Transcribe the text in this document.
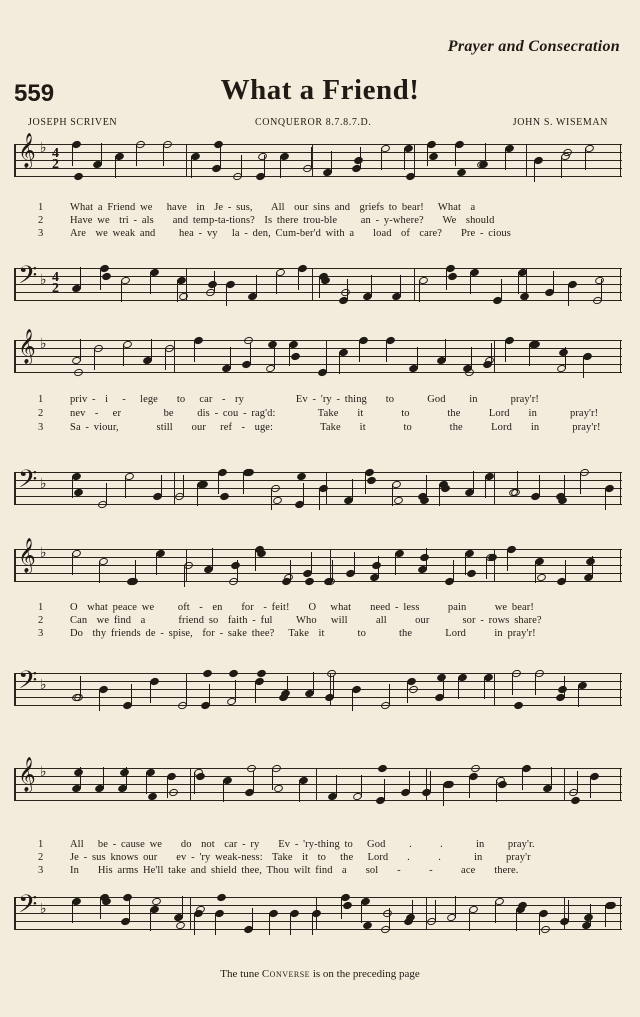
Prayer and Consecration
559	What a Friend!
JOSEPH SCRIVEN	CONQUEROR 8.7.8.7.D.	JOHN S. WISEMAN
𝄞 ♭ 4
2
1	What a Friend we   have  in  Je - sus,    All  our sins and  griefs to bear!   What  a
2	Have we  tri - als    and temp-ta-tions?  Is there trou-ble     an - y-where?    We  should
3	Are  we weak and     hea - vy   la - den, Cum-ber'd with a    load  of  care?    Pre - cious
𝄢 ♭ 4
2
𝄞 ♭
1	priv -  i   -   lege    to   car  -  ry           Ev - 'ry - thing    to       God     in       pray'r!
2	nev  -   er         be     dis - cou - rag'd:         Take    it        to        the      Lord    in       pray'r!
3	Sa - viour,        still    our   ref  -  uge:          Take    it        to        the      Lord    in       pray'r!
𝄢 ♭
𝄞 ♭
1	O  what peace we     oft  -  en    for  - feit!    O   what    need - less      pain      we bear!
2	Can  we find  a       friend so  faith - ful     Who   will      all      our       sor - rows share?
3	Do  thy friends de - spise,  for - sake thee?   Take  it       to       the       Lord      in pray'r!
𝄢 ♭
𝄞 ♭
1	All   be - cause we    do  not  car - ry    Ev - 'ry-thing to   God     .      .       in     pray'r.
2	Je - sus knows our    ev - 'ry weak-ness:  Take  it  to   the   Lord    .      .       in     pray'r
3	In    His arms He'll take and shield thee, Thou wilt find  a    sol    -      -      ace    there.
𝄢 ♭
The tune Converse is on the preceding page
